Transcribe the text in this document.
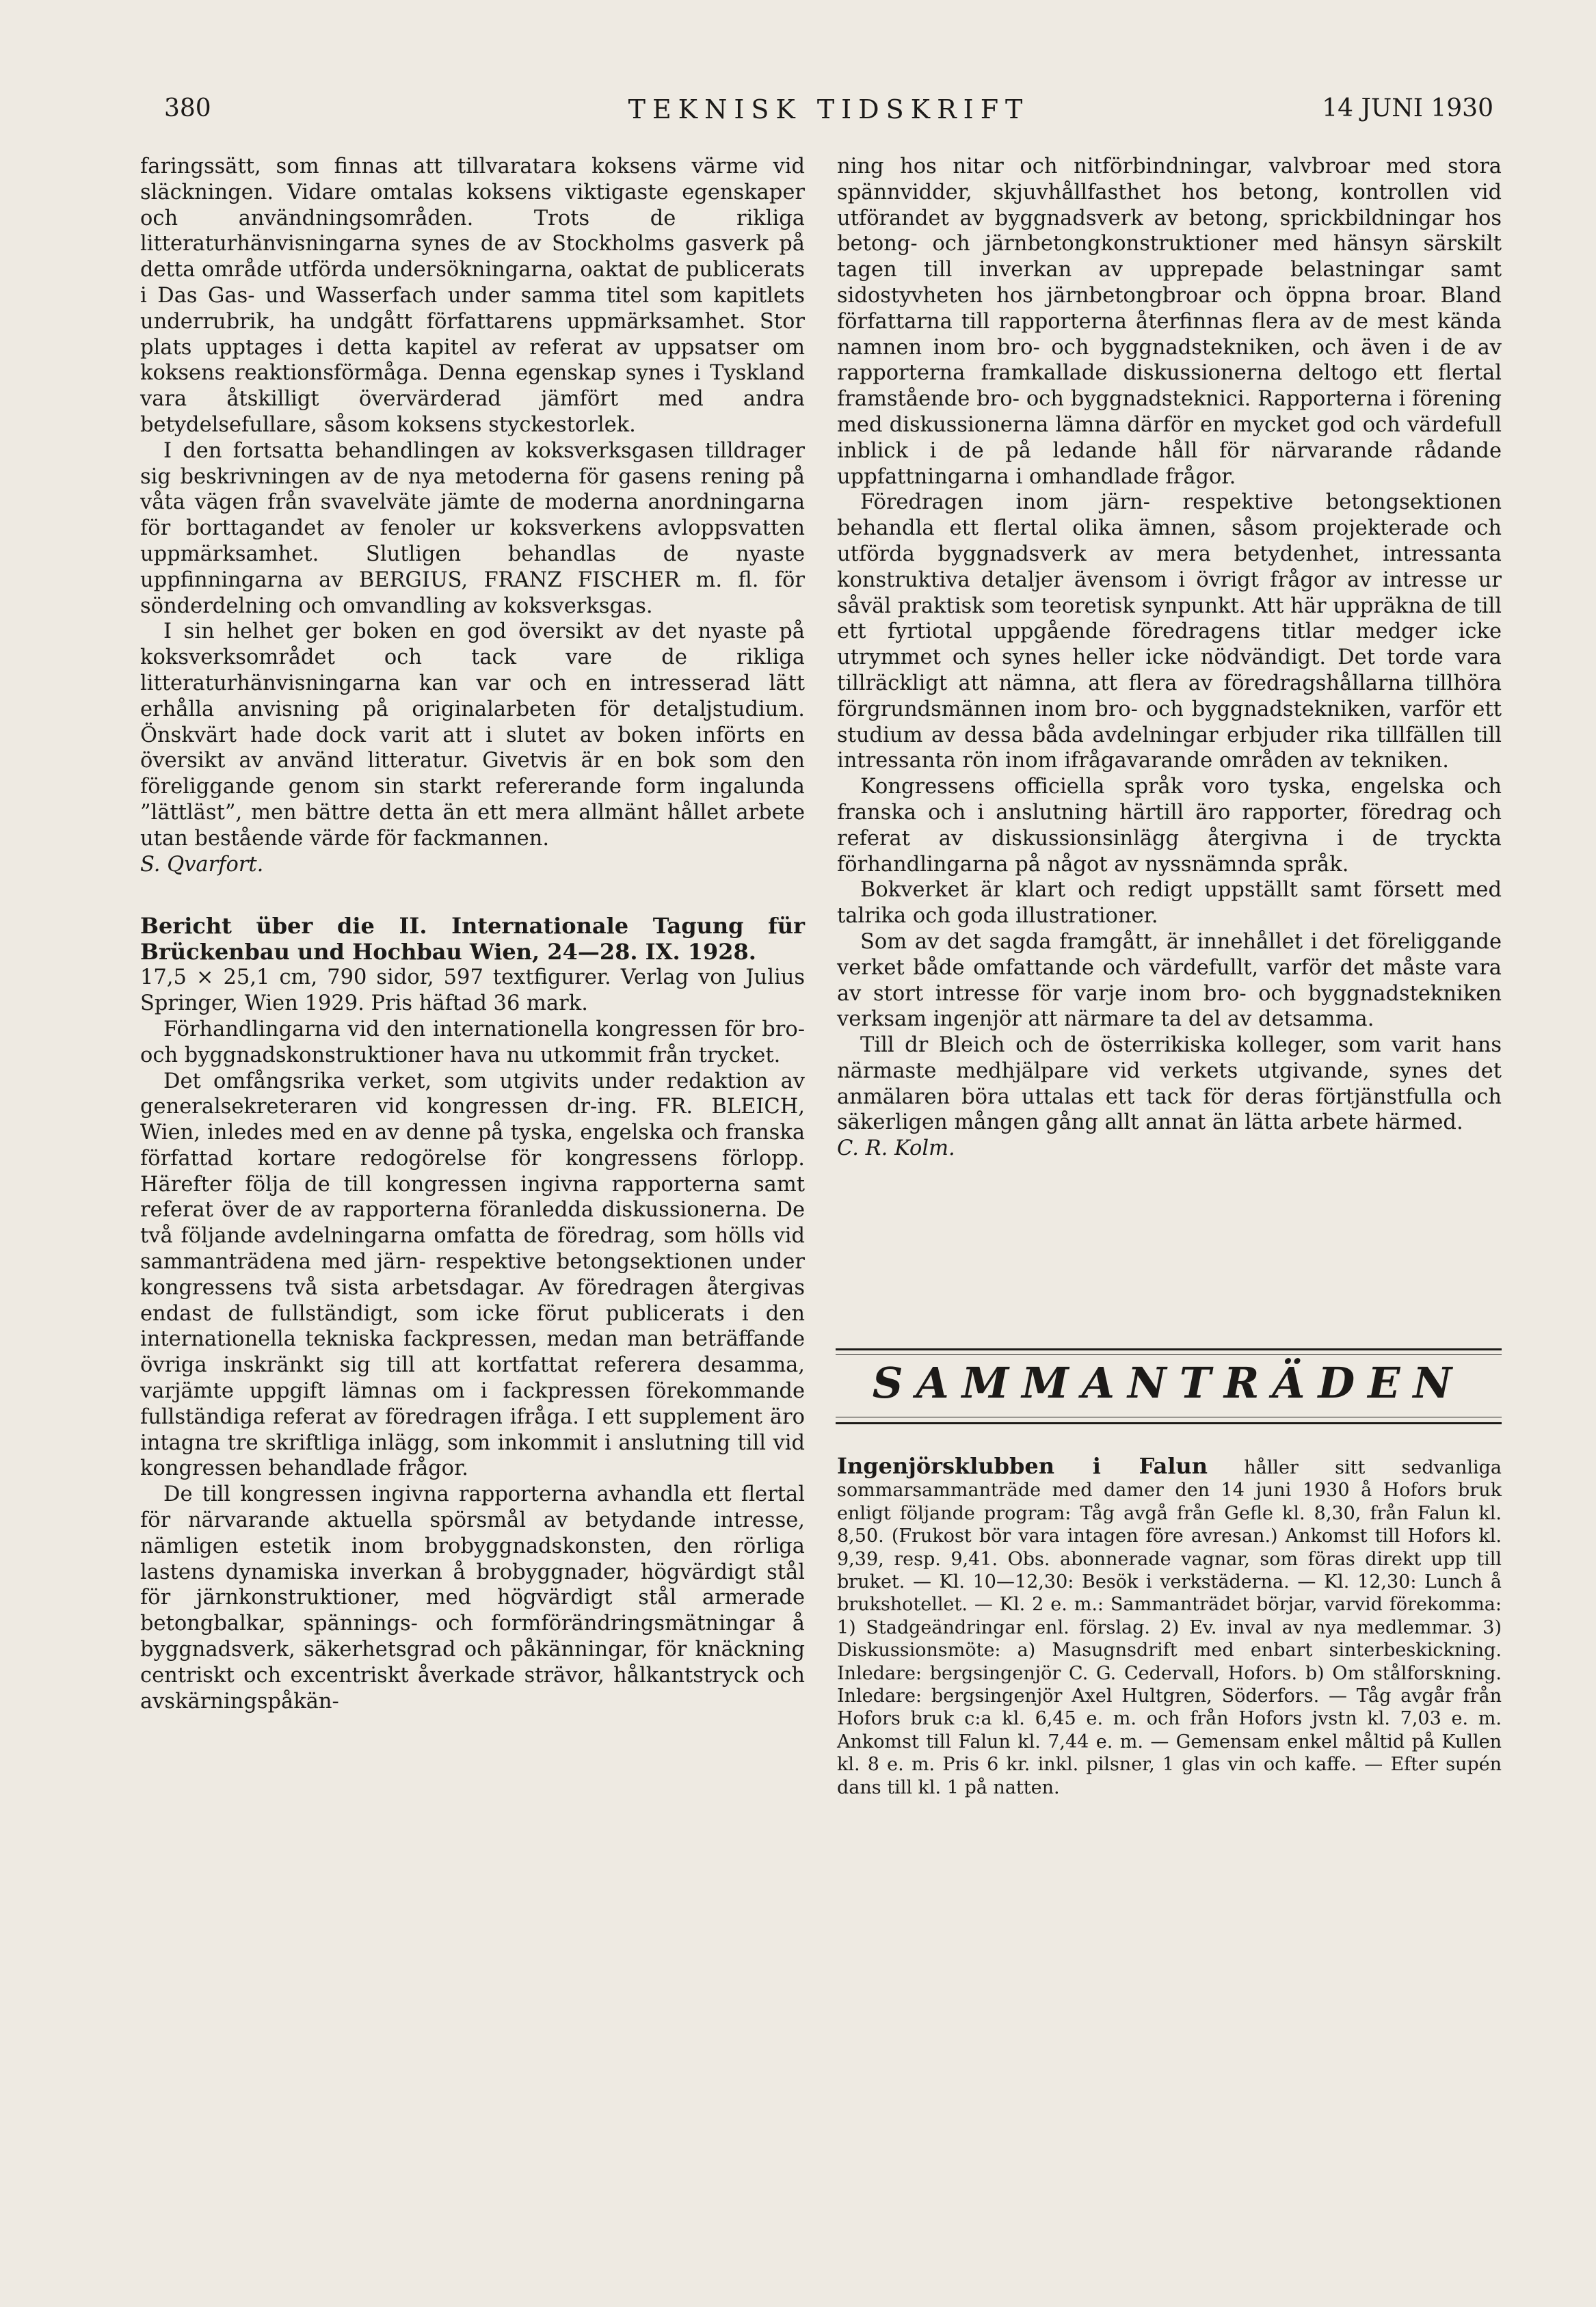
380	TEKNISK TIDSKRIFT	14 JUNI 1930

faringssätt, som finnas att tillvaratага koksens värme vid släckningen. Vidare omtalas koksens viktigaste egenskaper och användningsområden. Trots de rikliga litteraturhänvisningarna synes de av Stockholms gasverk på detta område utförda undersökningarna, oaktat de publicerats i Das Gas- und Wasserfach under samma titel som kapitlets underrubrik, ha undgått författarens uppmärksamhet. Stor plats upptages i detta kapitel av referat av uppsatser om koksens reaktionsförmåga. Denna egenskap synes i Tyskland vara åtskilligt övervärderad jämfört med andra betydelsefullare, såsom koksens styckestorlek.

I den fortsatta behandlingen av koksverksgasen tilldrager sig beskrivningen av de nya metoderna för gasens rening på våta vägen från svavelväte jämte de moderna anordningarna för borttagandet av fenoler ur koksverkens avloppsvatten uppmärksamhet. Slutligen behandlas de nyaste uppfinningarna av BERGIUS, FRANZ FISCHER m. fl. för sönderdelning och omvandling av koksverksgas.

I sin helhet ger boken en god översikt av det nyaste på koksverksområdet och tack vare de rikliga litteraturhänvisningarna kan var och en intresserad lätt erhålla anvisning på originalarbeten för detaljstudium. Önskvärt hade dock varit att i slutet av boken införts en översikt av använd litteratur. Givetvis är en bok som den föreliggande genom sin starkt refererande form ingalunda ”lättläst”, men bättre detta än ett mera allmänt hållet arbete utan bestående värde för fackmannen.

S. Qvarfort.

Bericht über die II. Internationale Tagung für Brückenbau und Hochbau Wien, 24—28. IX. 1928.

17,5 × 25,1 cm, 790 sidor, 597 textfigurer. Verlag von Julius Springer, Wien 1929. Pris häftad 36 mark.

Förhandlingarna vid den internationella kongressen för bro- och byggnadskonstruktioner hava nu utkommit från trycket.

Det omfångsrika verket, som utgivits under redaktion av generalsekreteraren vid kongressen dr-ing. FR. BLEICH, Wien, inledes med en av denne på tyska, engelska och franska författad kortare redogörelse för kongressens förlopp. Härefter följa de till kongressen ingivna rapporterna samt referat över de av rapporterna föranledda diskussionerna. De två följande avdelningarna omfatta de föredrag, som hölls vid sammanträdena med järn- respektive betongsektionen under kongressens två sista arbetsdagar. Av föredragen återgivas endast de fullständigt, som icke förut publicerats i den internationella tekniska fackpressen, medan man beträffande övriga inskränkt sig till att kortfattat referera desamma, varjämte uppgift lämnas om i fackpressen förekommande fullständiga referat av föredragen ifråga. I ett supplement äro intagna tre skriftliga inlägg, som inkommit i anslutning till vid kongressen behandlade frågor.

De till kongressen ingivna rapporterna avhandla ett flertal för närvarande aktuella spörsmål av betydande intresse, nämligen estetik inom brobyggnadskonsten, den rörliga lastens dynamiska inverkan å brobyggnader, högvärdigt stål för järnkonstruktioner, med högvärdigt stål armerade betongbalkar, spännings- och formförändringsmätningar å byggnadsverk, säkerhetsgrad och påkänningar, för knäckning centriskt och excentriskt åverkade strävor, hålkantstryck och avskärningspåkän-

ning hos nitar och nitförbindningar, valvbroar med stora spännvidder, skjuvhållfasthet hos betong, kontrollen vid utförandet av byggnadsverk av betong, sprickbildningar hos betong- och järnbetongkonstruktioner med hänsyn särskilt tagen till inverkan av upprepade belastningar samt sidostyvheten hos järnbetongbroar och öppna broar. Bland författarna till rapporterna återfinnas flera av de mest kända namnen inom bro- och byggnadstekniken, och även i de av rapporterna framkallade diskussionerna deltogo ett flertal framstående bro- och byggnadsteknici. Rapporterna i förening med diskussionerna lämna därför en mycket god och värdefull inblick i de på ledande håll för närvarande rådande uppfattningarna i omhandlade frågor.

Föredragen inom järn- respektive betongsektionen behandla ett flertal olika ämnen, såsom projekterade och utförda byggnadsverk av mera betydenhet, intressanta konstruktiva detaljer ävensom i övrigt frågor av intresse ur såväl praktisk som teoretisk synpunkt. Att här uppräkna de till ett fyrtiotal uppgående föredragens titlar medger icke utrymmet och synes heller icke nödvändigt. Det torde vara tillräckligt att nämna, att flera av föredragshållarna tillhöra förgrundsmännen inom bro- och byggnadstekniken, varför ett studium av dessa båda avdelningar erbjuder rika tillfällen till intressanta rön inom ifrågavarande områden av tekniken.

Kongressens officiella språk voro tyska, engelska och franska och i anslutning härtill äro rapporter, föredrag och referat av diskussionsinlägg återgivna i de tryckta förhandlingarna på något av nyssnämnda språk.

Bokverket är klart och redigt uppställt samt försett med talrika och goda illustrationer.

Som av det sagda framgått, är innehållet i det föreliggande verket både omfattande och värdefullt, varför det måste vara av stort intresse för varje inom bro- och byggnadstekniken verksam ingenjör att närmare ta del av detsamma.

Till dr Bleich och de österrikiska kolleger, som varit hans närmaste medhjälpare vid verkets utgivande, synes det anmälaren böra uttalas ett tack för deras förtjänstfulla och säkerligen mången gång allt annat än lätta arbete härmed.

C. R. Kolm.

SAMMANTRÄDEN

Ingenjörsklubben i Falun håller sitt sedvanliga sommarsammanträde med damer den 14 juni 1930 å Hofors bruk enligt följande program: Tåg avgå från Gefle kl. 8,30, från Falun kl. 8,50. (Frukost bör vara intagen före avresan.) Ankomst till Hofors kl. 9,39, resp. 9,41. Obs. abonnerade vagnar, som föras direkt upp till bruket. — Kl. 10—12,30: Besök i verkstäderna. — Kl. 12,30: Lunch å brukshotellet. — Kl. 2 e. m.: Sammanträdet börjar, varvid förekomma: 1) Stadgeändringar enl. förslag. 2) Ev. inval av nya medlemmar. 3) Diskussionsmöte: a) Masugnsdrift med enbart sinterbeskickning. Inledare: bergsingenjör C. G. Cedervall, Hofors. b) Om stålforskning. Inledare: bergsingenjör Axel Hultgren, Söderfors. — Tåg avgår från Hofors bruk c:a kl. 6,45 e. m. och från Hofors jvstn kl. 7,03 e. m. Ankomst till Falun kl. 7,44 e. m. — Gemensam enkel måltid på Kullen kl. 8 e. m. Pris 6 kr. inkl. pilsner, 1 glas vin och kaffe. — Efter supén dans till kl. 1 på natten.
